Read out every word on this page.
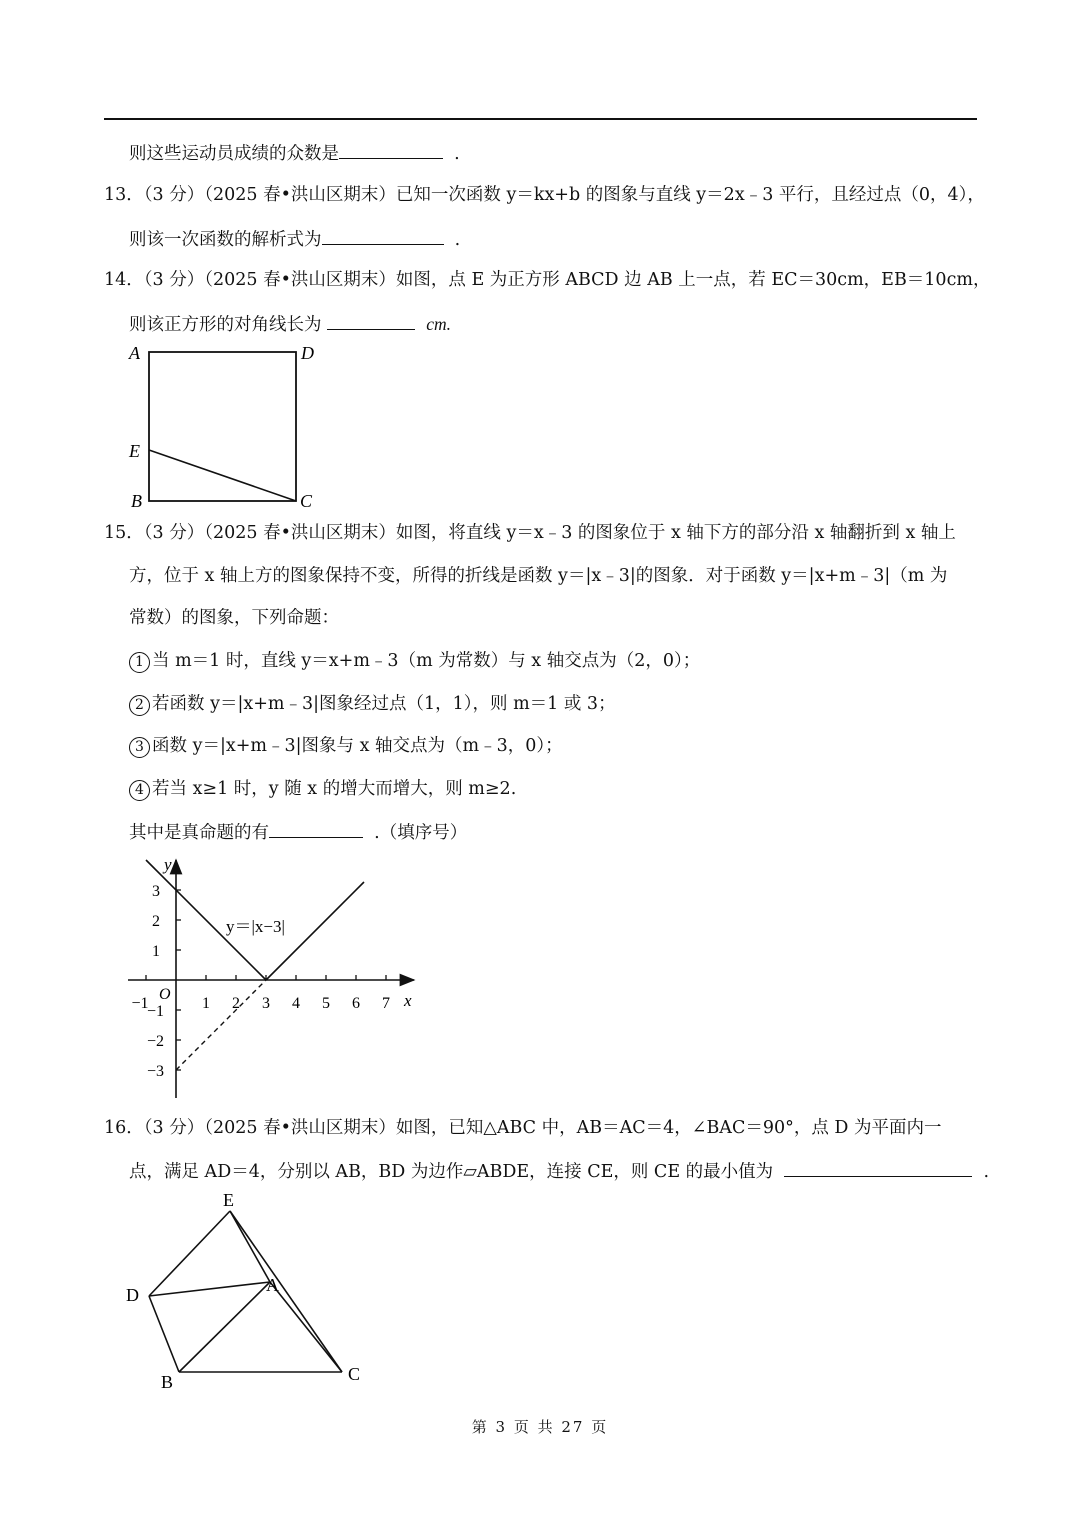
则这些运动员成绩的众数是	.
13．（3 分）（2025 春•洪山区期末）已知一次函数 y＝kx+b 的图象与直线 y＝2x﹣3 平行，且经过点（0，4），
则该一次函数的解析式为	.
14．（3 分）（2025 春•洪山区期末）如图，点 E 为正方形 ABCD 边 AB 上一点，若 EC＝30cm，EB＝10cm，
则该正方形的对角线长为	cm.
A	D
E
B	C
15．（3 分）（2025 春•洪山区期末）如图，将直线 y＝x﹣3 的图象位于 x 轴下方的部分沿 x 轴翻折到 x 轴上
方，位于 x 轴上方的图象保持不变，所得的折线是函数 y＝|x﹣3|的图象．对于函数 y＝|x+m﹣3|（m 为
常数）的图象，下列命题：
1 当 m＝1 时，直线 y＝x+m﹣3（m 为常数）与 x 轴交点为（2，0）；
2 若函数 y＝|x+m﹣3|图象经过点（1，1），则 m＝1 或 3；
3 函数 y＝|x+m﹣3|图象与 x 轴交点为（m﹣3，0）；
4 若当 x≥1 时，y 随 x 的增大而增大，则 m≥2.
其中是真命题的有	.（填序号）
y
x
O
y＝|x−3|
−1	1 2 3 4 5 6 7
3
2
1
−1
−2
−3
16．（3 分）（2025 春•洪山区期末）如图，已知△ABC 中，AB＝AC＝4，∠BAC＝90°，点 D 为平面内一
点，满足 AD＝4，分别以 AB，BD 为边作▱ABDE，连接 CE，则 CE 的最小值为	.
E
D	A
B	C
第 3 页 共 27 页
